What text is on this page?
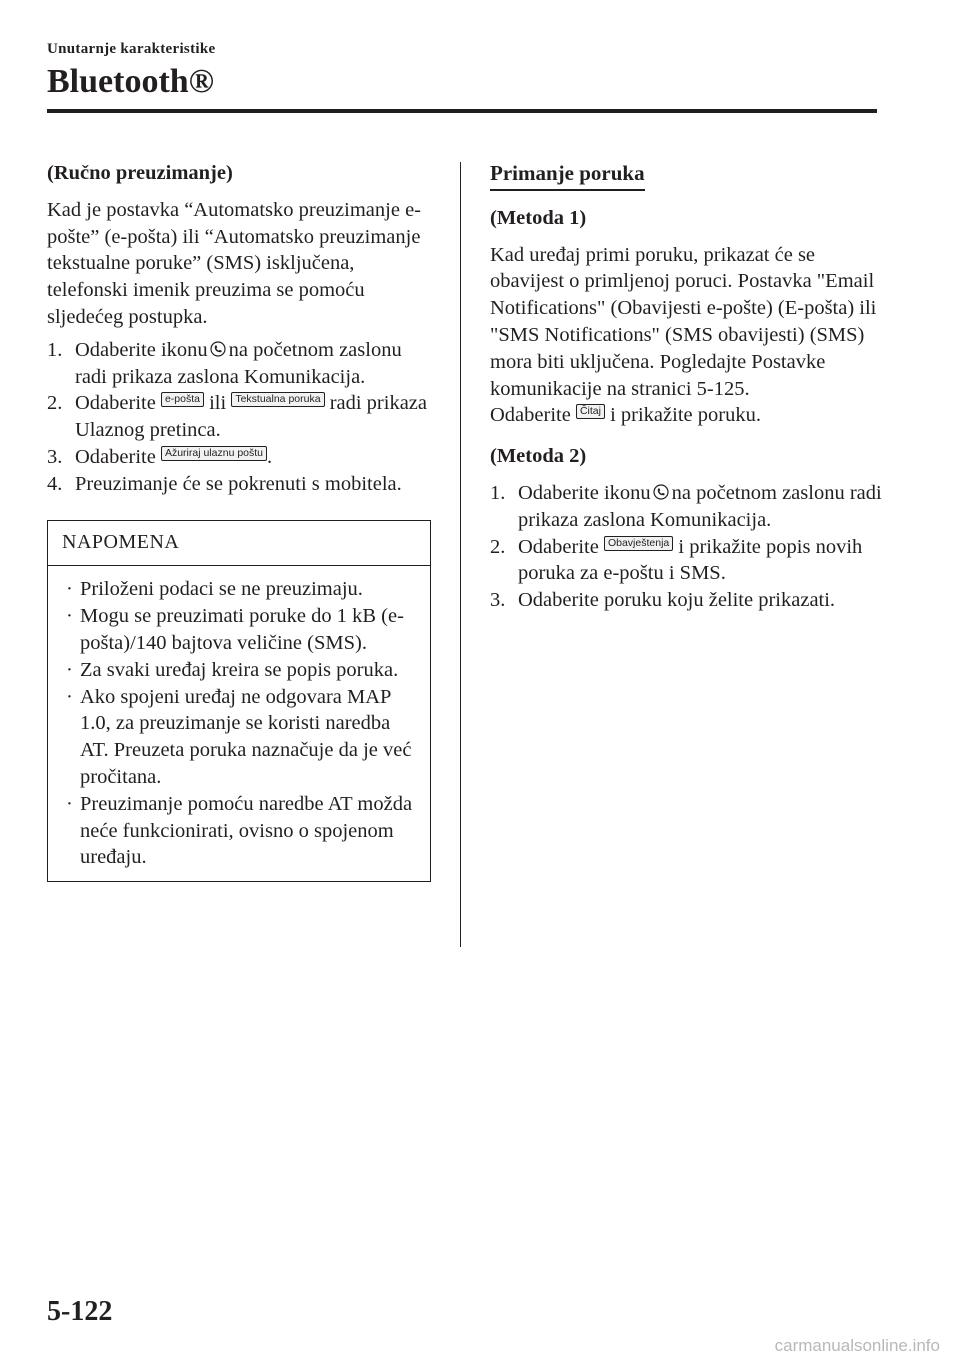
Unutarnje karakteristike
Bluetooth®
(Ručno preuzimanje)

Kad je postavka “Automatsko preuzimanje e-pošte” (e-pošta) ili “Automatsko preuzimanje tekstualne poruke” (SMS) isključena, telefonski imenik preuzima se pomoću sljedećeg postupka.

1. Odaberite ikonu na početnom zaslonu radi prikaza zaslona Komunikacija.
2. Odaberite e-pošta ili Tekstualna poruka radi prikaza Ulaznog pretinca.
3. Odaberite Ažuriraj ulaznu poštu .
4. Preuzimanje će se pokrenuti s mobitela.
NAPOMENA
· Priloženi podaci se ne preuzimaju.
· Mogu se preuzimati poruke do 1 kB (e-pošta)/140 bajtova veličine (SMS).
· Za svaki uređaj kreira se popis poruka.
· Ako spojeni uređaj ne odgovara MAP 1.0, za preuzimanje se koristi naredba AT. Preuzeta poruka naznačuje da je već pročitana.
· Preuzimanje pomoću naredbe AT možda neće funkcionirati, ovisno o spojenom uređaju.
Primanje poruka
(Metoda 1)

Kad uređaj primi poruku, prikazat će se obavijest o primljenoj poruci. Postavka "Email Notifications" (Obavijesti e-pošte) (E-pošta) ili "SMS Notifications" (SMS obavijesti) (SMS) mora biti uključena. Pogledajte Postavke komunikacije na stranici 5-125.
Odaberite Čitaj i prikažite poruku.

(Metoda 2)
1. Odaberite ikonu na početnom zaslonu radi prikaza zaslona Komunikacija.
2. Odaberite Obavještenja i prikažite popis novih poruka za e-poštu i SMS.
3. Odaberite poruku koju želite prikazati.
5-122
carmanualsonline.info
